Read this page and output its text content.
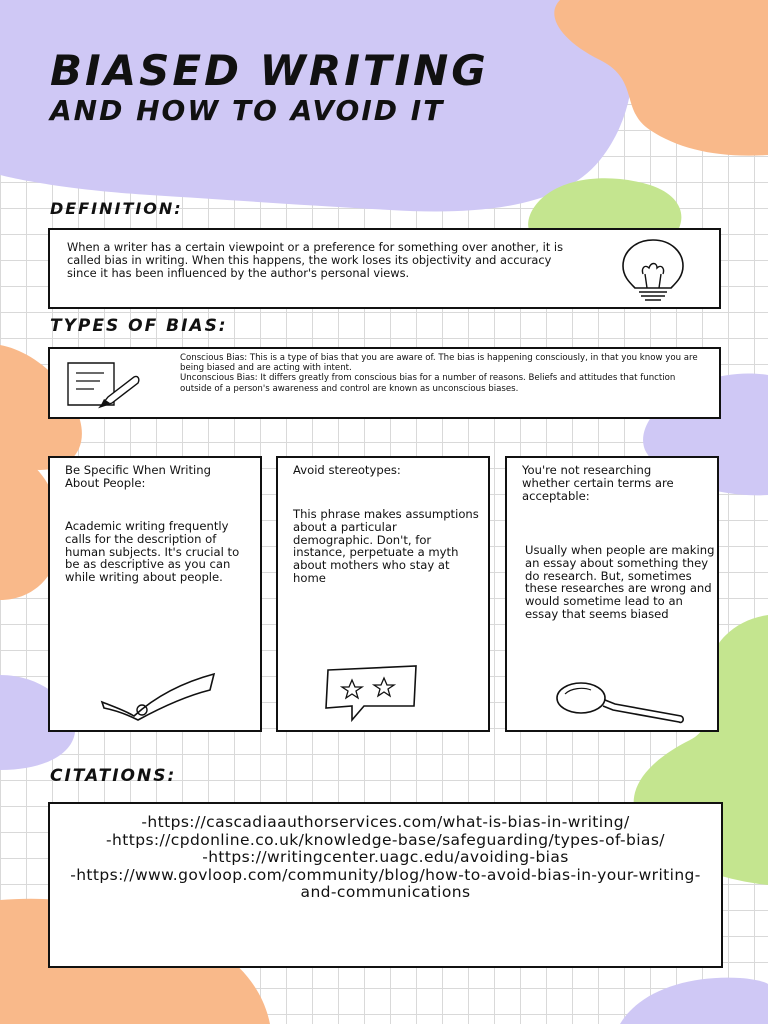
BIASED WRITING
AND HOW TO AVOID IT
DEFINITION:

When a writer has a certain viewpoint or a preference for something over another, it is called bias in writing. When this happens, the work loses its objectivity and accuracy since it has been influenced by the author's personal views.

TYPES OF BIAS:

Conscious Bias: This is a type of bias that you are aware of. The bias is happening consciously, in that you know you are being biased and are acting with intent.

Unconscious Bias: It differs greatly from conscious bias for a number of reasons. Beliefs and attitudes that function outside of a person's awareness and control are known as unconscious biases.

Be Specific When Writing About People:

Academic writing frequently calls for the description of human subjects. It's crucial to be as descriptive as you can while writing about people.

Avoid stereotypes:

This phrase makes assumptions about a particular demographic. Don't, for instance, perpetuate a myth about mothers who stay at home

You're not researching whether certain terms are acceptable:

Usually when people are making an essay about something they do research. But, sometimes these researches are wrong and would sometime lead to an essay that seems biased

CITATIONS:
-https://cascadiaauthorservices.com/what-is-bias-in-writing/
-https://cpdonline.co.uk/knowledge-base/safeguarding/types-of-bias/
-https://writingcenter.uagc.edu/avoiding-bias
-https://www.govloop.com/community/blog/how-to-avoid-bias-in-your-writing-and-communications
